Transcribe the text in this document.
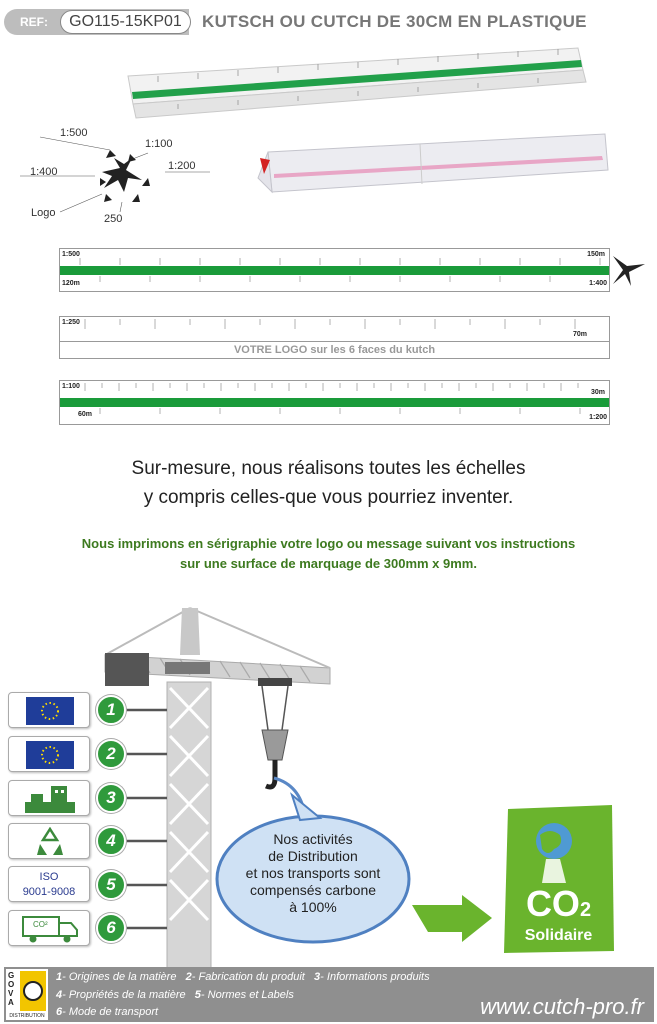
REF:	GO115-15KP01	KUTSCH OU CUTCH DE 30CM EN PLASTIQUE
1:500
1:100
1:400	1:200
Logo	250
1:500	150m
120m	1:400
1:250
70m
VOTRE LOGO sur les 6 faces du kutch
1:100
30m
60m	1:200
Sur-mesure, nous réalisons toutes les échelles
y compris celles-que vous pourriez inventer.
Nous imprimons en sérigraphie votre logo ou message suivant vos instructions
sur une surface de marquage de 300mm x 9mm.
ISO
9001-9008
CO²
1
2
3
4
5
6
Nos activités
de Distribution
et nos transports sont
compensés carbone
à 100%	CO2
Solidaire
GOVA
DISTRIBUTION
1- Origines de la matière 2- Fabrication du produit 3- Informations produits
4- Propriétés de la matière 5- Normes et Labels
6- Mode de transport	www.cutch-pro.fr
